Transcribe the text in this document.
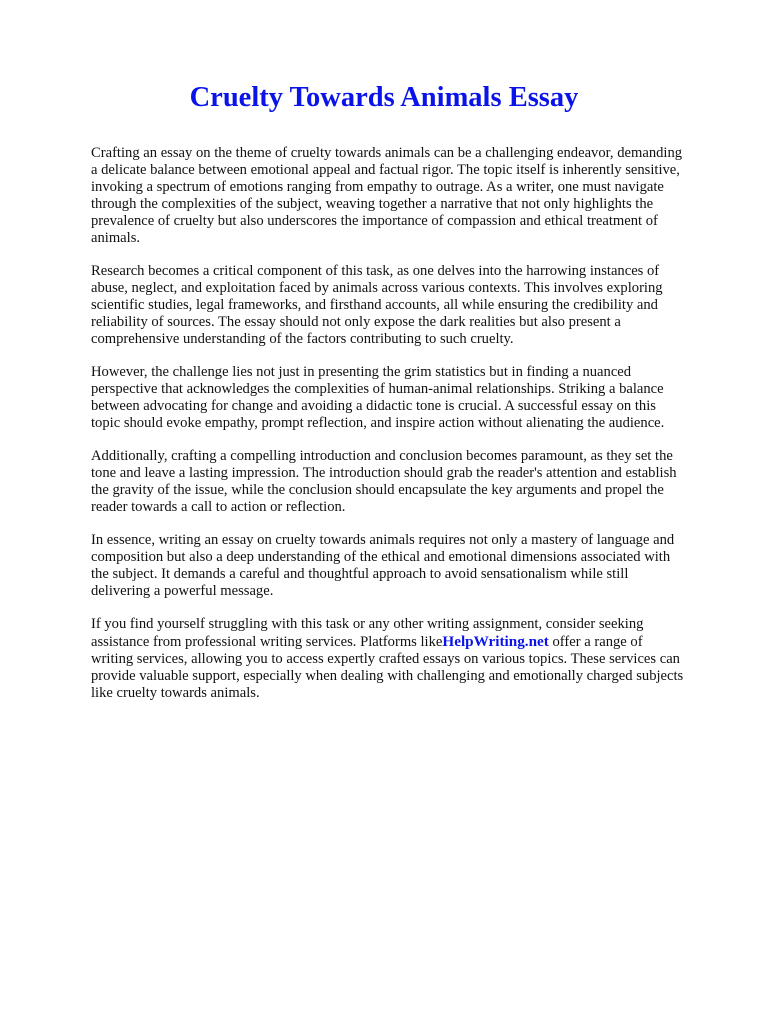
Cruelty Towards Animals Essay

Crafting an essay on the theme of cruelty towards animals can be a challenging endeavor, demanding
a delicate balance between emotional appeal and factual rigor. The topic itself is inherently sensitive,
invoking a spectrum of emotions ranging from empathy to outrage. As a writer, one must navigate
through the complexities of the subject, weaving together a narrative that not only highlights the
prevalence of cruelty but also underscores the importance of compassion and ethical treatment of
animals.

Research becomes a critical component of this task, as one delves into the harrowing instances of
abuse, neglect, and exploitation faced by animals across various contexts. This involves exploring
scientific studies, legal frameworks, and firsthand accounts, all while ensuring the credibility and
reliability of sources. The essay should not only expose the dark realities but also present a
comprehensive understanding of the factors contributing to such cruelty.

However, the challenge lies not just in presenting the grim statistics but in finding a nuanced
perspective that acknowledges the complexities of human-animal relationships. Striking a balance
between advocating for change and avoiding a didactic tone is crucial. A successful essay on this
topic should evoke empathy, prompt reflection, and inspire action without alienating the audience.

Additionally, crafting a compelling introduction and conclusion becomes paramount, as they set the
tone and leave a lasting impression. The introduction should grab the reader's attention and establish
the gravity of the issue, while the conclusion should encapsulate the key arguments and propel the
reader towards a call to action or reflection.

In essence, writing an essay on cruelty towards animals requires not only a mastery of language and
composition but also a deep understanding of the ethical and emotional dimensions associated with
the subject. It demands a careful and thoughtful approach to avoid sensationalism while still
delivering a powerful message.

If you find yourself struggling with this task or any other writing assignment, consider seeking
assistance from professional writing services. Platforms likeHelpWriting.net offer a range of
writing services, allowing you to access expertly crafted essays on various topics. These services can
provide valuable support, especially when dealing with challenging and emotionally charged subjects
like cruelty towards animals.
